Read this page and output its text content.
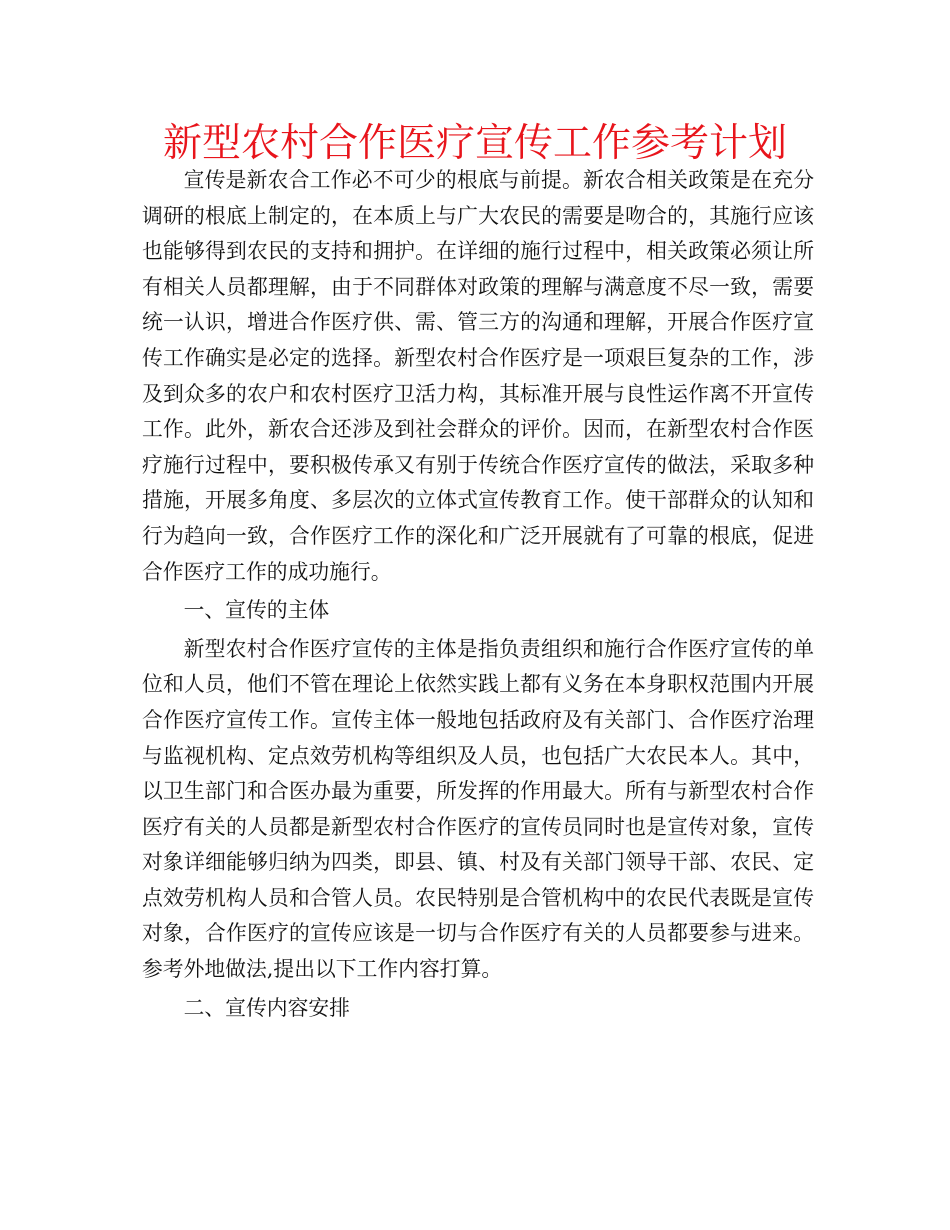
新型农村合作医疗宣传工作参考计划

宣传是新农合工作必不可少的根底与前提。新农合相关政策是在充分调研的根底上制定的，在本质上与广大农民的需要是吻合的，其施行应该也能够得到农民的支持和拥护。在详细的施行过程中，相关政策必须让所有相关人员都理解，由于不同群体对政策的理解与满意度不尽一致，需要统一认识，增进合作医疗供、需、管三方的沟通和理解，开展合作医疗宣传工作确实是必定的选择。新型农村合作医疗是一项艰巨复杂的工作，涉及到众多的农户和农村医疗卫活力构，其标准开展与良性运作离不开宣传工作。此外，新农合还涉及到社会群众的评价。因而，在新型农村合作医疗施行过程中，要积极传承又有别于传统合作医疗宣传的做法，采取多种措施，开展多角度、多层次的立体式宣传教育工作。使干部群众的认知和行为趋向一致，合作医疗工作的深化和广泛开展就有了可靠的根底，促进合作医疗工作的成功施行。

一、宣传的主体

新型农村合作医疗宣传的主体是指负责组织和施行合作医疗宣传的单位和人员，他们不管在理论上依然实践上都有义务在本身职权范围内开展合作医疗宣传工作。宣传主体一般地包括政府及有关部门、合作医疗治理与监视机构、定点效劳机构等组织及人员，也包括广大农民本人。其中，以卫生部门和合医办最为重要，所发挥的作用最大。所有与新型农村合作医疗有关的人员都是新型农村合作医疗的宣传员同时也是宣传对象，宣传对象详细能够归纳为四类，即县、镇、村及有关部门领导干部、农民、定点效劳机构人员和合管人员。农民特别是合管机构中的农民代表既是宣传对象，合作医疗的宣传应该是一切与合作医疗有关的人员都要参与进来。参考外地做法,提出以下工作内容打算。

二、宣传内容安排
